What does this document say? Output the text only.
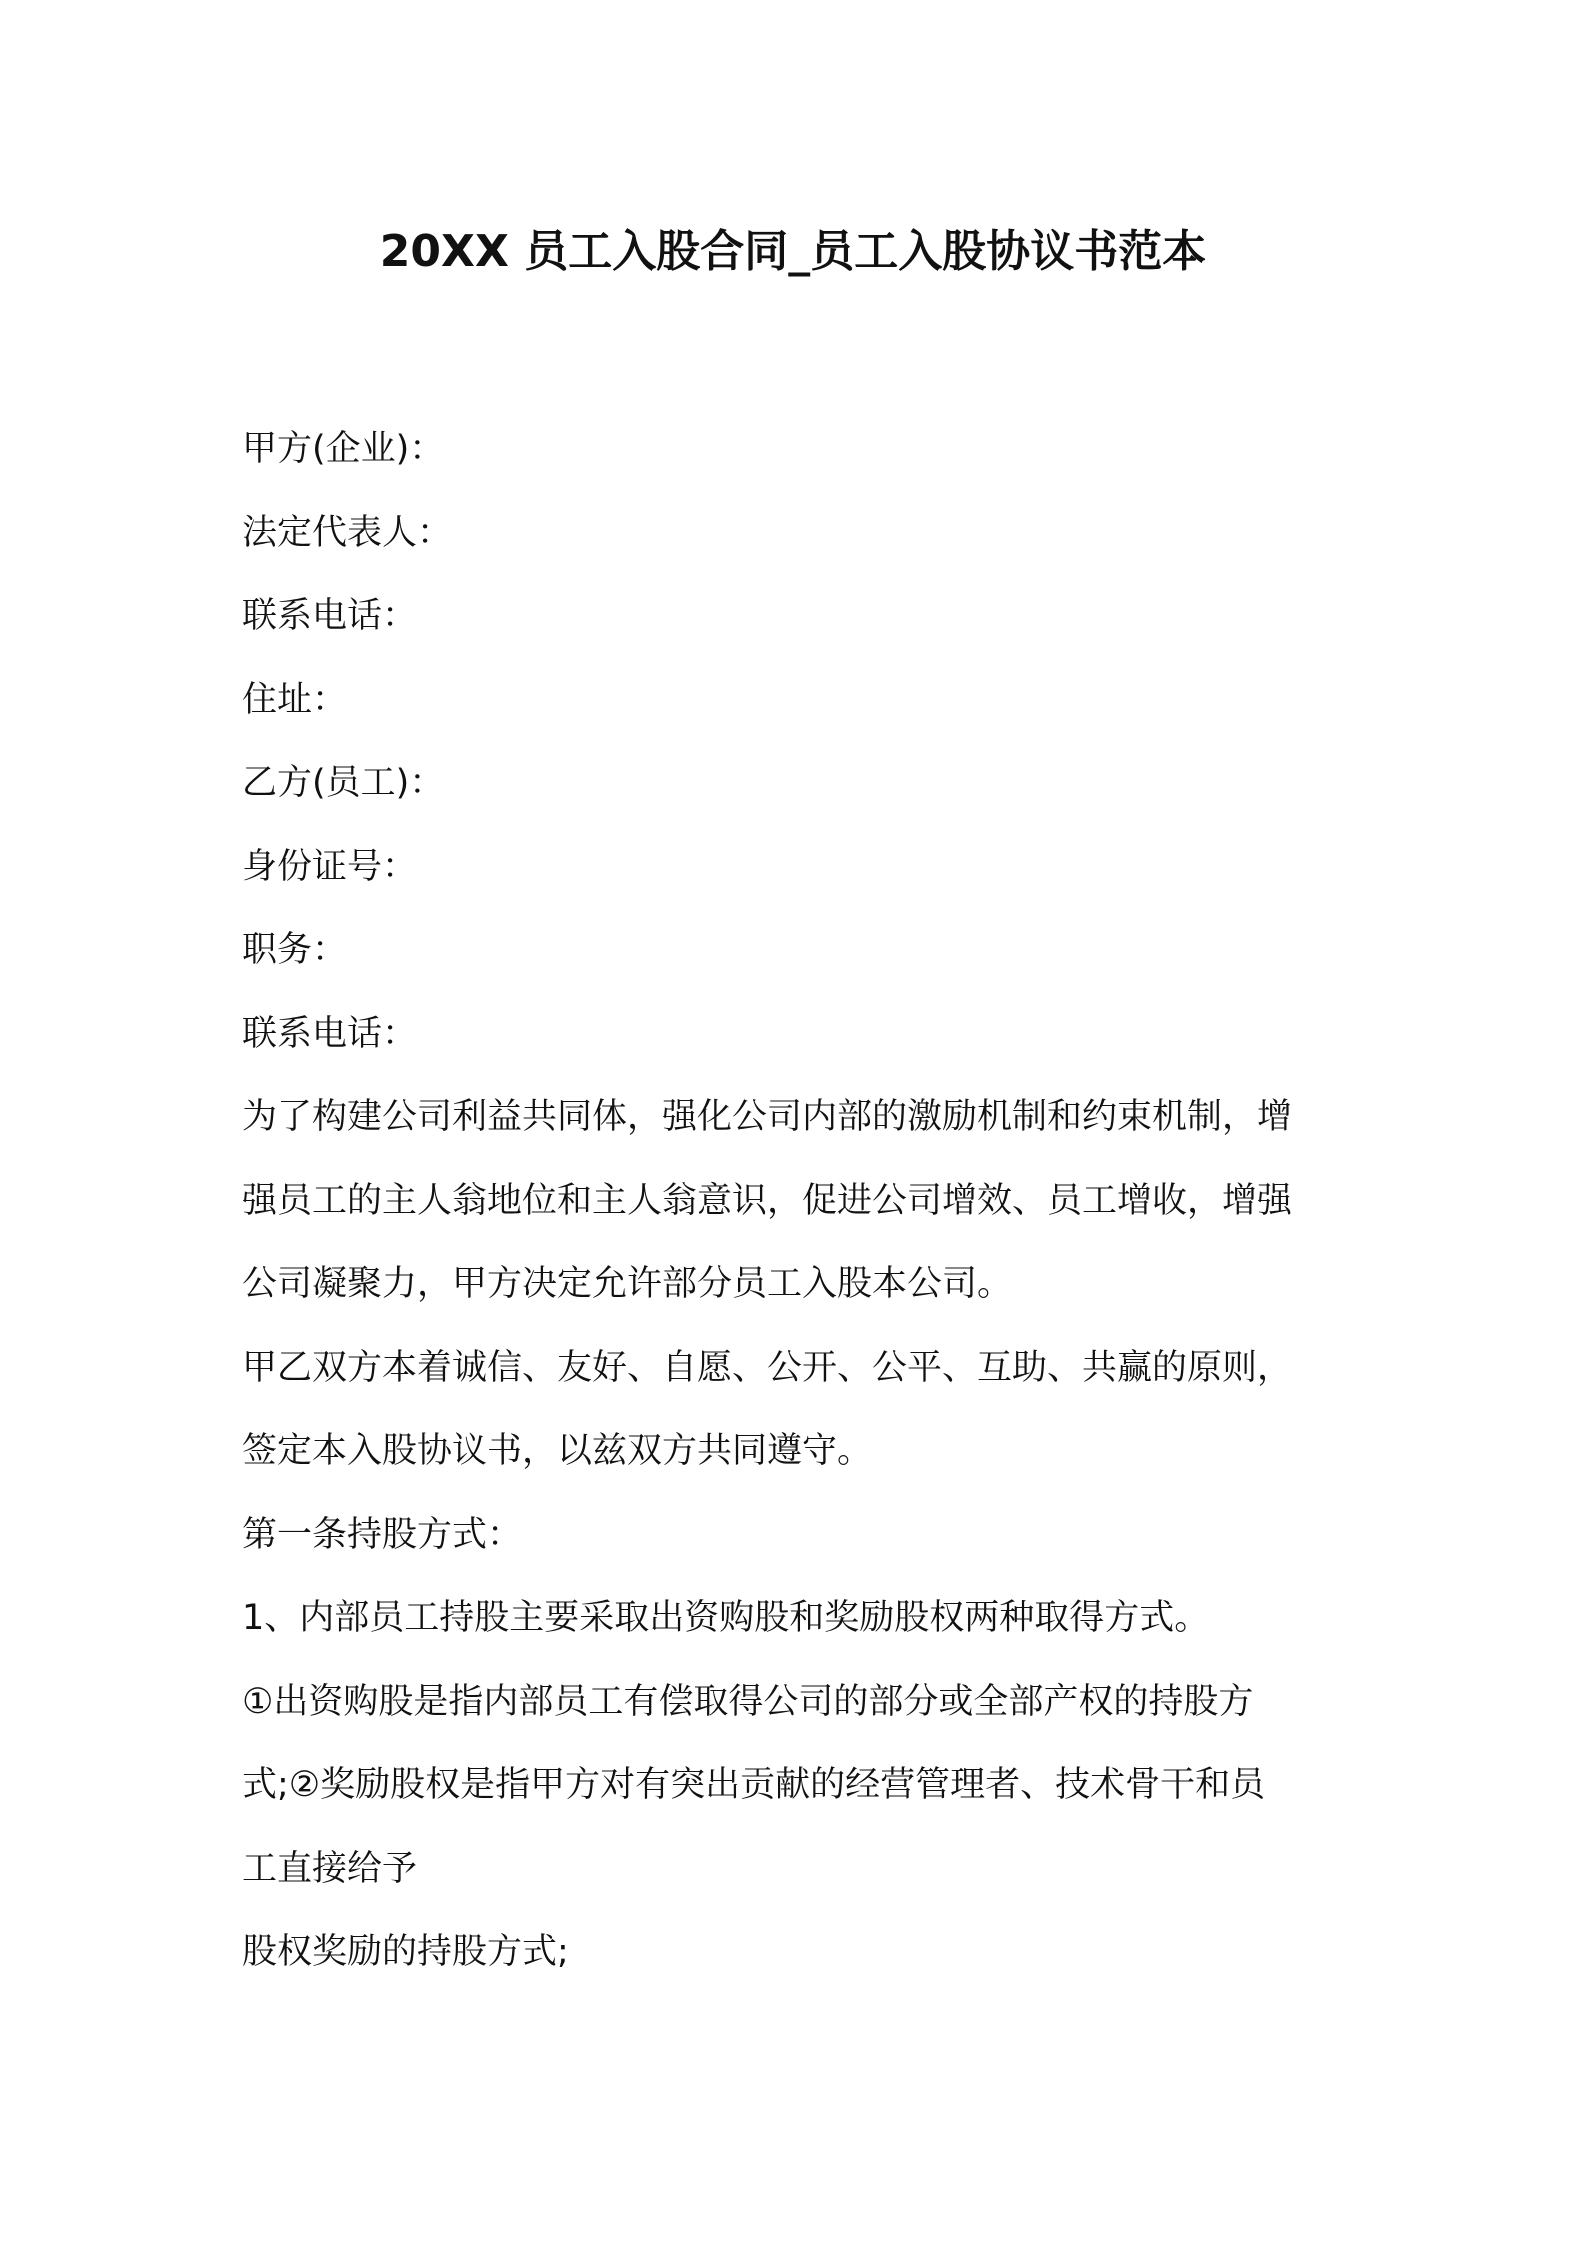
20XX 员工入股合同_员工入股协议书范本
甲方(企业)：
法定代表人：
联系电话：
住址：
乙方(员工)：
身份证号：
职务：
联系电话：
为了构建公司利益共同体，强化公司内部的激励机制和约束机制，增
强员工的主人翁地位和主人翁意识，促进公司增效、员工增收，增强
公司凝聚力，甲方决定允许部分员工入股本公司。
甲乙双方本着诚信、友好、自愿、公开、公平、互助、共赢的原则，
签定本入股协议书，以兹双方共同遵守。
第一条持股方式：
1、内部员工持股主要采取出资购股和奖励股权两种取得方式。
①出资购股是指内部员工有偿取得公司的部分或全部产权的持股方
式;②奖励股权是指甲方对有突出贡献的经营管理者、技术骨干和员
工直接给予
股权奖励的持股方式;
